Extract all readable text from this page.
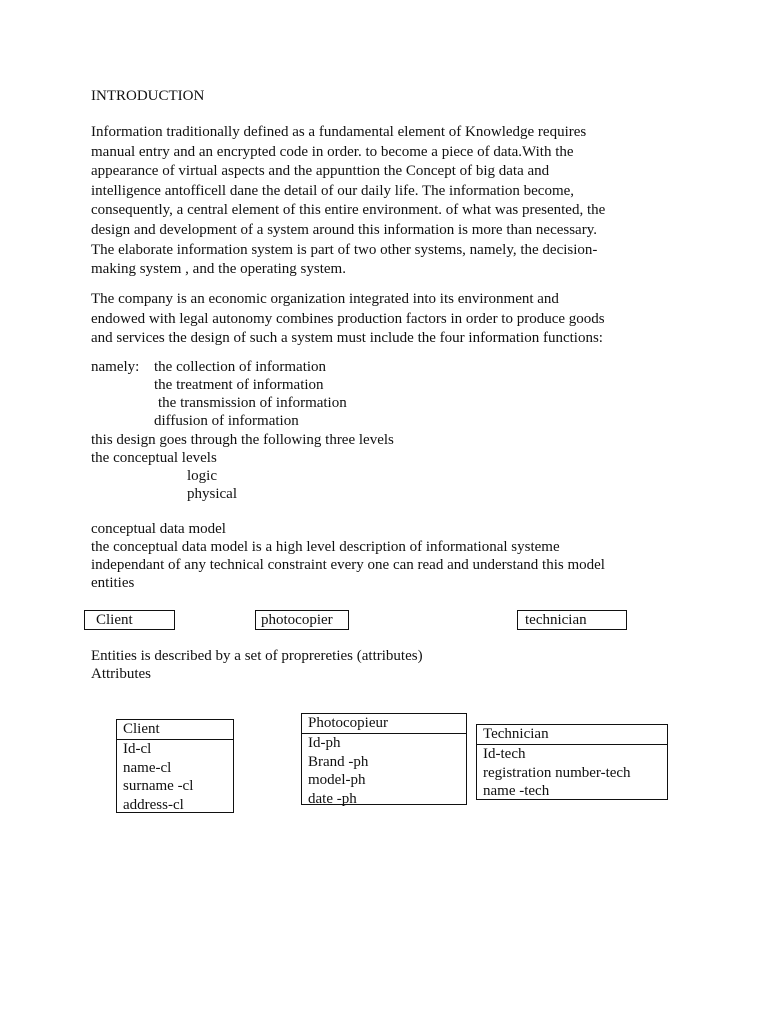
INTRODUCTION

Information traditionally defined as a fundamental element of Knowledge requires
manual entry and an encrypted code in order. to become a piece of data.With the
appearance of virtual aspects and the appunttion the Concept of big data and
intelligence antofficell dane the detail of our daily life. The information become,
consequently, a central element of this entire environment. of what was presented, the
design and development of a system around this information is more than necessary.
The elaborate information system is part of two other systems, namely, the decision-
making system , and the operating system.
The company is an economic organization integrated into its environment and
endowed with legal autonomy combines production factors in order to produce goods
and services the design of such a system must include the four information functions:

namely: the collection of information

the treatment of information

the transmission of information

diffusion of information

this design goes through the following three levels

the conceptual levels

logic

physical

conceptual data model

the conceptual data model is a high level description of informational systeme

independant of any technical constraint every one can read and understand this model

entities

Client	photocopier	technician

Entities is described by a set of proprereties (attributes)

Attributes

Client
Id-cl
name-cl
surname -cl
address-cl
Photocopieur
Id-ph
Brand -ph
model-ph
date -ph
Technician
Id-tech
registration number-tech
name -tech
